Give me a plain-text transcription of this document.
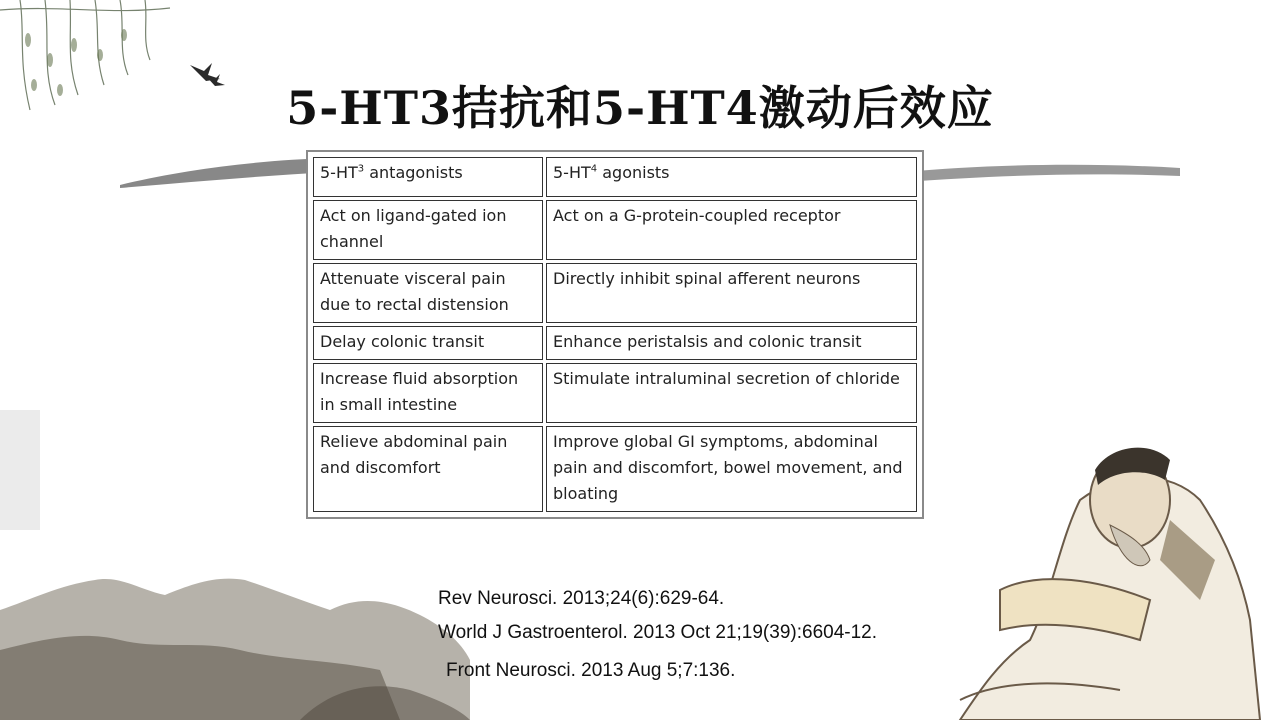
5-HT3拮抗和5-HT4激动后效应
$5-HT^3$ antagonists	$5-HT^4$ agonists
Act on ligand-gated ion channel	Act on a G-protein-coupled receptor
Attenuate visceral pain due to rectal distension	Directly inhibit spinal afferent neurons
Delay colonic transit	Enhance peristalsis and colonic transit
Increase fluid absorption in small intestine	Stimulate intraluminal secretion of chloride
Relieve abdominal pain and discomfort	Improve global GI symptoms, abdominal pain and discomfort, bowel movement, and bloating
Rev Neurosci. 2013;24(6):629-64.
World J Gastroenterol. 2013 Oct 21;19(39):6604-12.
Front Neurosci. 2013 Aug 5;7:136.
